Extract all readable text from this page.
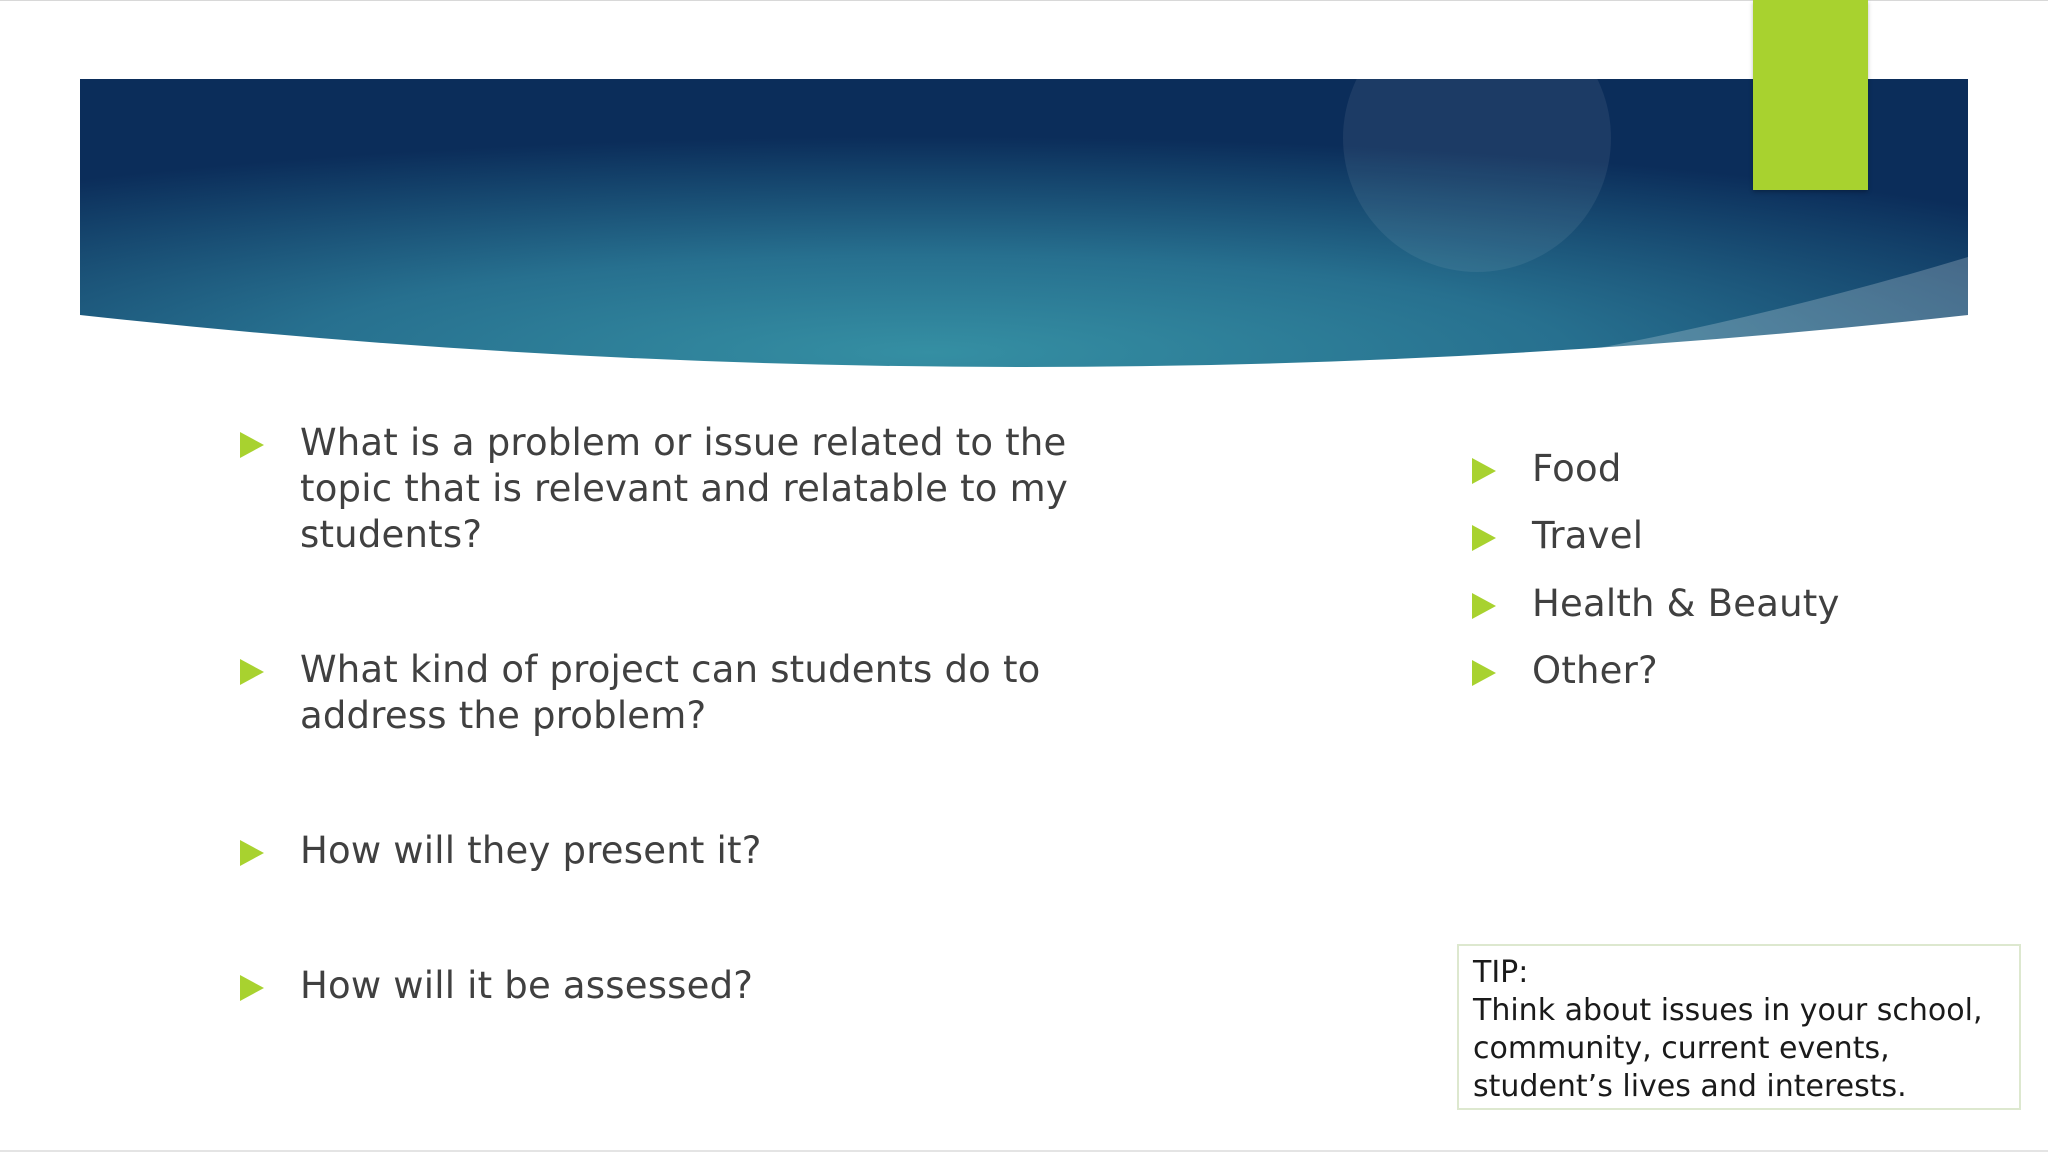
What is a problem or issue related to the topic that is relevant and relatable to my students?
What kind of project can students do to address the problem?
How will they present it?
How will it be assessed?
Food
Travel
Health & Beauty
Other?
TIP:
Think about issues in your school, community, current events, student’s lives and interests.
